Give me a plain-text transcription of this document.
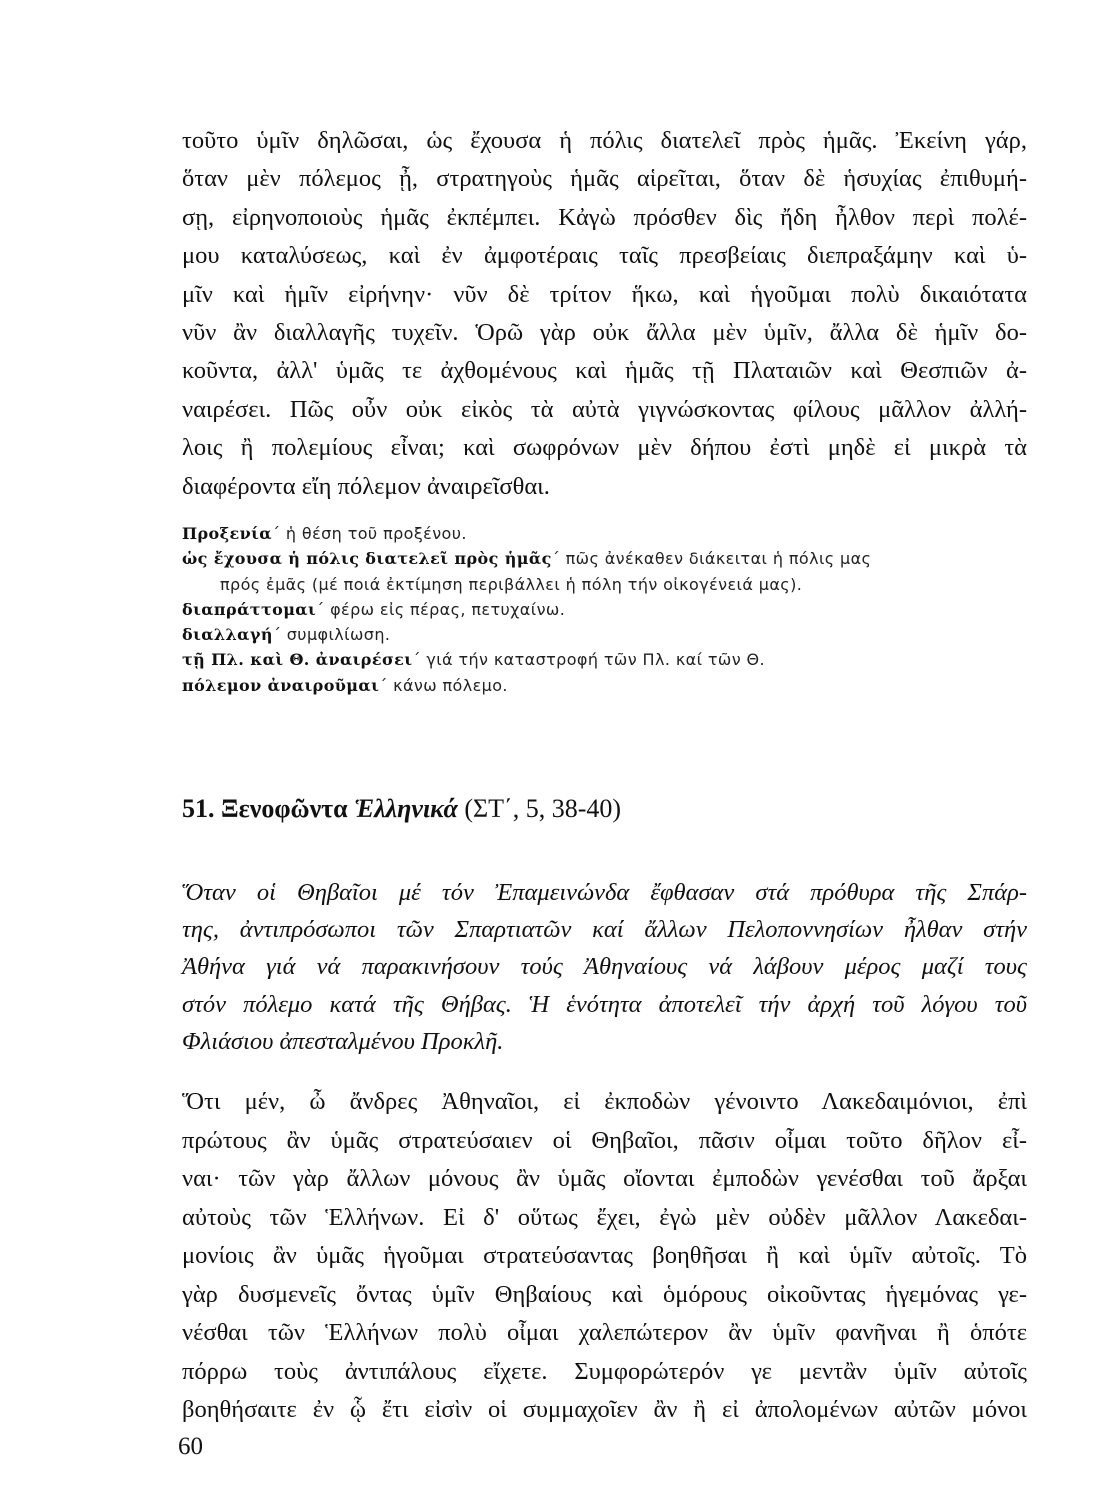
τοῦτο ὑμῖν δηλῶσαι, ὡς ἔχουσα ἡ πόλις διατελεῖ πρὸς ἡμᾶς. Ἐκείνη γάρ,
ὅταν μὲν πόλεμος ᾖ, στρατηγοὺς ἡμᾶς αἱρεῖται, ὅταν δὲ ἡσυχίας ἐπιθυμή-
σῃ, εἰρηνοποιοὺς ἡμᾶς ἐκπέμπει. Κἀγὼ πρόσθεν δὶς ἤδη ἦλθον περὶ πολέ-
μου καταλύσεως, καὶ ἐν ἀμφοτέραις ταῖς πρεσβείαις διεπραξάμην καὶ ὑ-
μῖν καὶ ἡμῖν εἰρήνην· νῦν δὲ τρίτον ἥκω, καὶ ἡγοῦμαι πολὺ δικαιότατα
νῦν ἂν διαλλαγῆς τυχεῖν. Ὁρῶ γὰρ οὐκ ἄλλα μὲν ὑμῖν, ἄλλα δὲ ἡμῖν δο-
κοῦντα, ἀλλ' ὑμᾶς τε ἀχθομένους καὶ ἡμᾶς τῇ Πλαταιῶν καὶ Θεσπιῶν ἀ-
ναιρέσει. Πῶς οὖν οὐκ εἰκὸς τὰ αὐτὰ γιγνώσκοντας φίλους μᾶλλον ἀλλή-
λοις ἢ πολεμίους εἶναι; καὶ σωφρόνων μὲν δήπου ἐστὶ μηδὲ εἰ μικρὰ τὰ
διαφέροντα εἴη πόλεμον ἀναιρεῖσθαι.
Προξενία΄ ἡ θέση τοῦ προξένου.
ὡς ἔχουσα ἡ πόλις διατελεῖ πρὸς ἡμᾶς΄ πῶς ἀνέκαθεν διάκειται ἡ πόλις μας
πρός ἐμᾶς (μέ ποιά ἐκτίμηση περιβάλλει ἡ πόλη τήν οἰκογένειά μας).
διαπράττομαι΄ φέρω εἰς πέρας, πετυχαίνω.
διαλλαγή΄ συμφιλίωση.
τῇ Πλ. καὶ Θ. ἀναιρέσει΄ γιά τήν καταστροφή τῶν Πλ. καί τῶν Θ.
πόλεμον ἀναιροῦμαι΄ κάνω πόλεμο.
51. Ξενοφῶντα Ἑλληνικά (ΣΤ΄, 5, 38-40)
Ὅταν οἱ Θηβαῖοι μέ τόν Ἐπαμεινώνδα ἔφθασαν στά πρόθυρα τῆς Σπάρ-
της, ἀντιπρόσωποι τῶν Σπαρτιατῶν καί ἄλλων Πελοποννησίων ἦλθαν στήν
Ἀθήνα γιά νά παρακινήσουν τούς Ἀθηναίους νά λάβουν μέρος μαζί τους
στόν πόλεμο κατά τῆς Θήβας. Ἡ ἑνότητα ἀποτελεῖ τήν ἀρχή τοῦ λόγου τοῦ
Φλιάσιου ἀπεσταλμένου Προκλῆ.
Ὅτι μέν, ὦ ἄνδρες Ἀθηναῖοι, εἰ ἐκποδὼν γένοιντο Λακεδαιμόνιοι, ἐπὶ
πρώτους ἂν ὑμᾶς στρατεύσαιεν οἱ Θηβαῖοι, πᾶσιν οἶμαι τοῦτο δῆλον εἶ-
ναι· τῶν γὰρ ἄλλων μόνους ἂν ὑμᾶς οἴονται ἐμποδὼν γενέσθαι τοῦ ἄρξαι
αὐτοὺς τῶν Ἑλλήνων. Εἰ δ' οὕτως ἔχει, ἐγὼ μὲν οὐδὲν μᾶλλον Λακεδαι-
μονίοις ἂν ὑμᾶς ἡγοῦμαι στρατεύσαντας βοηθῆσαι ἢ καὶ ὑμῖν αὐτοῖς. Τὸ
γὰρ δυσμενεῖς ὄντας ὑμῖν Θηβαίους καὶ ὁμόρους οἰκοῦντας ἡγεμόνας γε-
νέσθαι τῶν Ἑλλήνων πολὺ οἶμαι χαλεπώτερον ἂν ὑμῖν φανῆναι ἢ ὁπότε
πόρρω τοὺς ἀντιπάλους εἴχετε. Συμφορώτερόν γε μεντἂν ὑμῖν αὐτοῖς
βοηθήσαιτε ἐν ᾧ ἔτι εἰσὶν οἱ συμμαχοῖεν ἂν ἢ εἰ ἀπολομένων αὐτῶν μόνοι
60
